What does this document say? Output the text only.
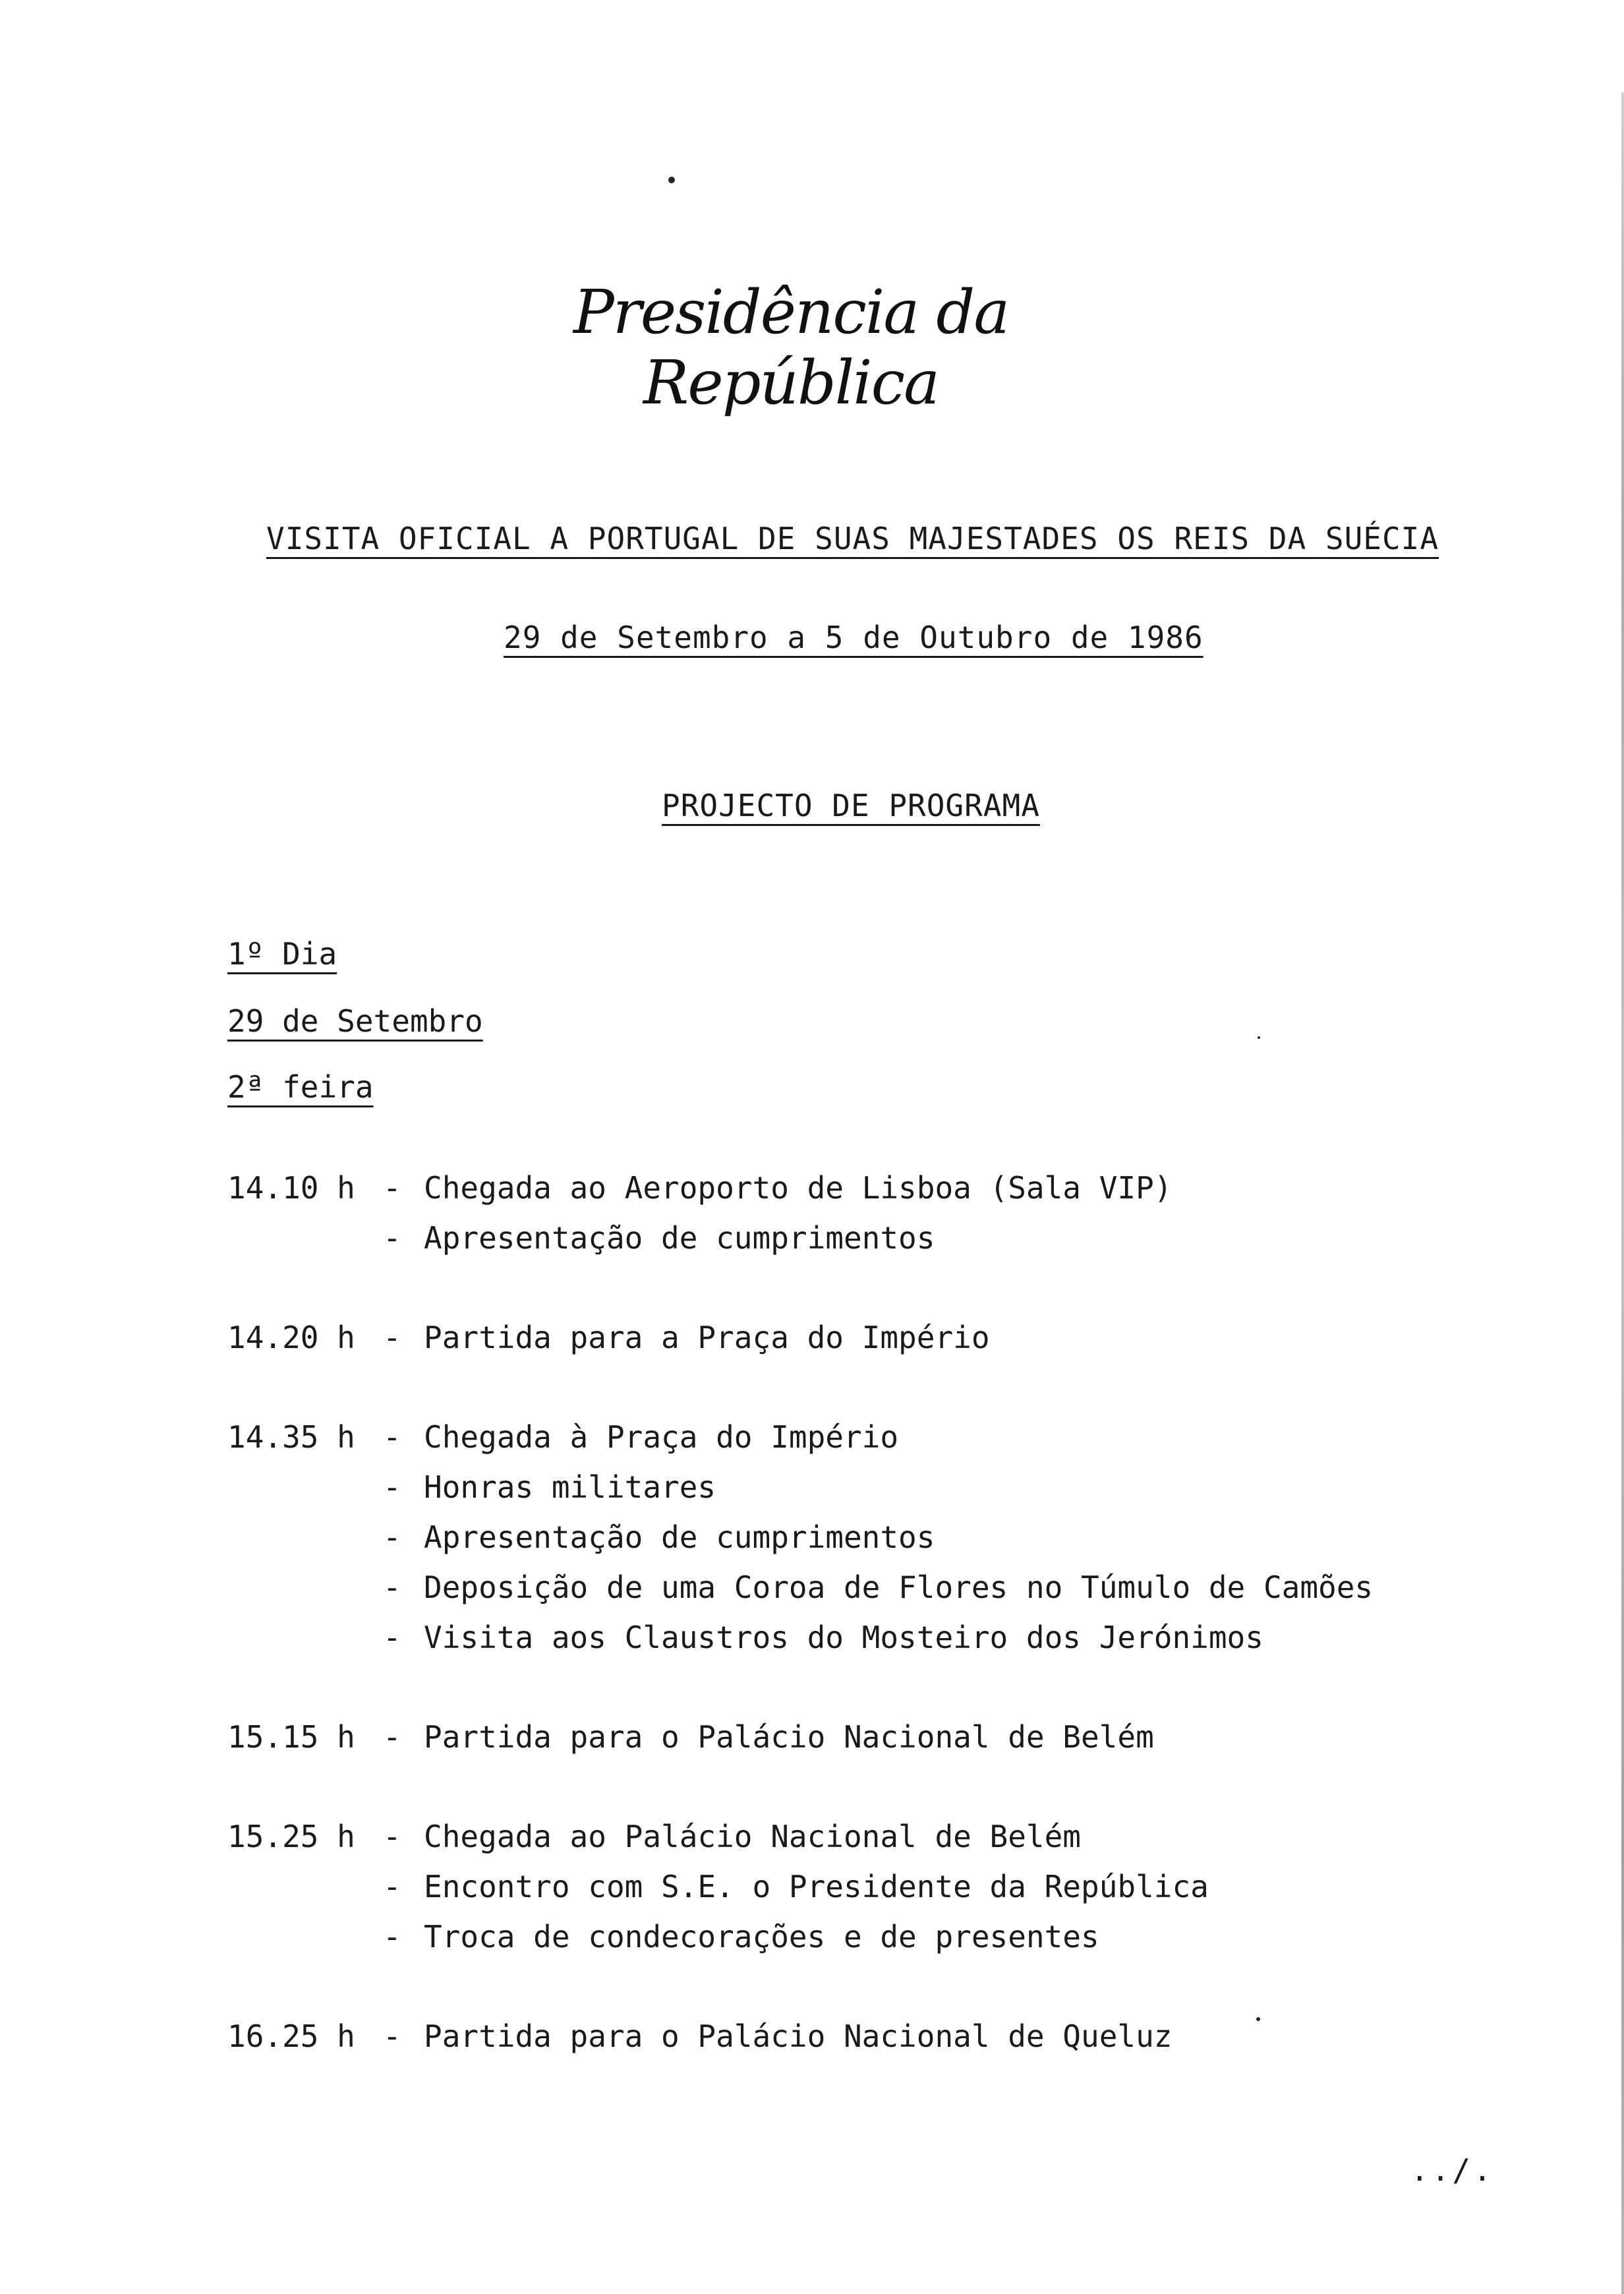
Presidência da República
VISITA OFICIAL A PORTUGAL DE SUAS MAJESTADES OS REIS DA SUÉCIA
29 de Setembro a 5 de Outubro de 1986
PROJECTO DE PROGRAMA
1º Dia
29 de Setembro
2ª feira
14.10 h - Chegada ao Aeroporto de Lisboa (Sala VIP)
- Apresentação de cumprimentos
14.20 h - Partida para a Praça do Império
14.35 h - Chegada à Praça do Império
- Honras militares
- Apresentação de cumprimentos
- Deposição de uma Coroa de Flores no Túmulo de Camões
- Visita aos Claustros do Mosteiro dos Jerónimos
15.15 h - Partida para o Palácio Nacional de Belém
15.25 h - Chegada ao Palácio Nacional de Belém
- Encontro com S.E. o Presidente da República
- Troca de condecorações e de presentes
16.25 h - Partida para o Palácio Nacional de Queluz
../.
